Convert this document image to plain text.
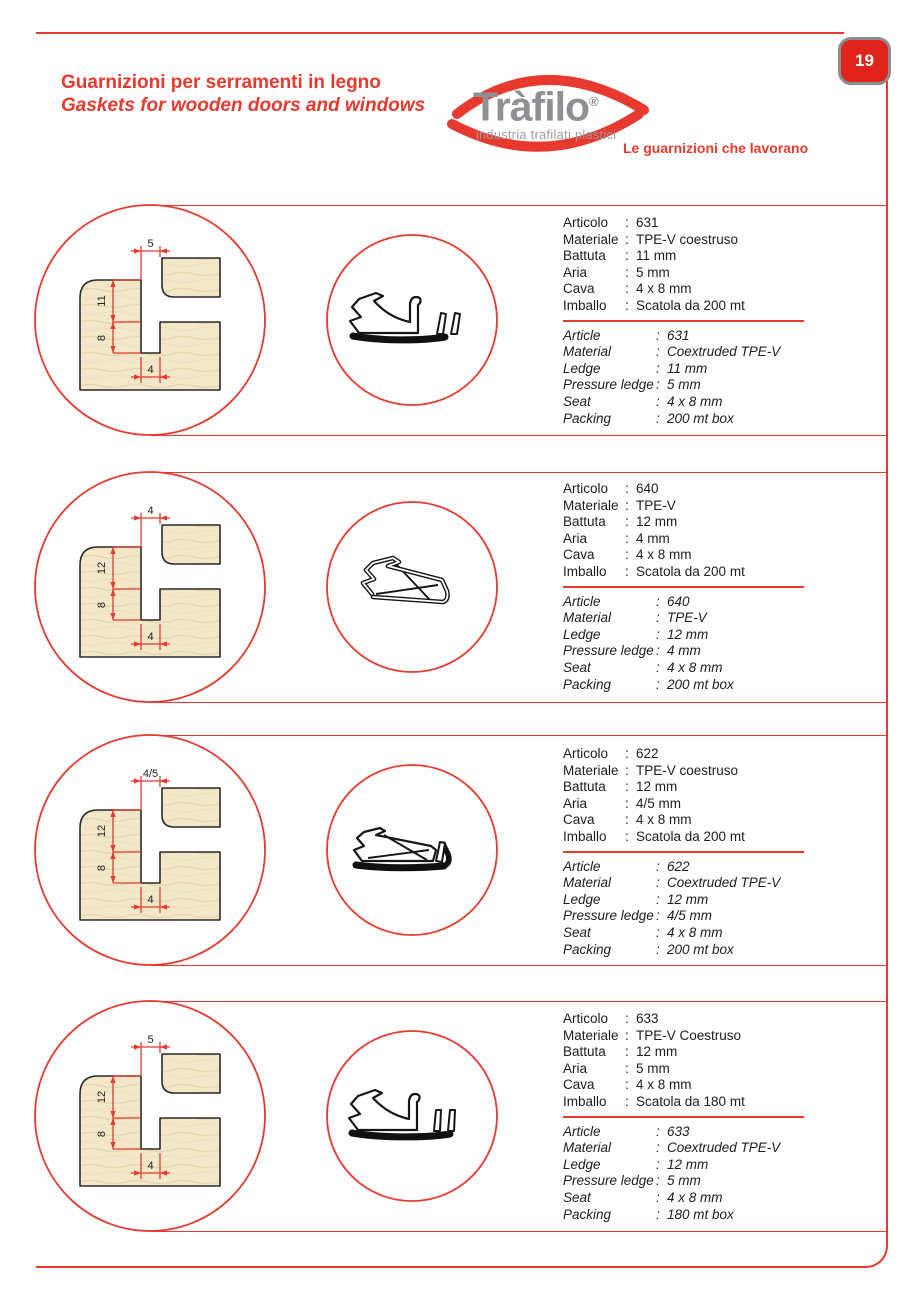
19
Guarnizioni per serramenti in legno
Gaskets for wooden doors and windows Tràfilo®
industria trafilati plastici
Le guarnizioni che lavorano
5
11
8
4
Articolo	: 631
Materiale : TPE-V coestruso
Battuta	: 11 mm
Aria	: 5 mm
Cava	: 4 x 8 mm
Imballo	: Scatola da 200 mt
Article	: 631
Material	: Coextruded TPE-V
Ledge	: 11 mm
Pressure ledge : 5 mm
Seat	: 4 x 8 mm
Packing	: 200 mt box
4
12
8
4
Articolo	: 640
Materiale : TPE-V
Battuta	: 12 mm
Aria	: 4 mm
Cava	: 4 x 8 mm
Imballo	: Scatola da 200 mt
Article	: 640
Material	: TPE-V
Ledge	: 12 mm
Pressure ledge : 4 mm
Seat	: 4 x 8 mm
Packing	: 200 mt box
4/5
12
8
4
Articolo	: 622
Materiale : TPE-V coestruso
Battuta	: 12 mm
Aria	: 4/5 mm
Cava	: 4 x 8 mm
Imballo	: Scatola da 200 mt
Article	: 622
Material	: Coextruded TPE-V
Ledge	: 12 mm
Pressure ledge : 4/5 mm
Seat	: 4 x 8 mm
Packing	: 200 mt box
5
12
8
4
Articolo	: 633
Materiale : TPE-V Coestruso
Battuta	: 12 mm
Aria	: 5 mm
Cava	: 4 x 8 mm
Imballo	: Scatola da 180 mt
Article	: 633
Material	: Coextruded TPE-V
Ledge	: 12 mm
Pressure ledge : 5 mm
Seat	: 4 x 8 mm
Packing	: 180 mt box
